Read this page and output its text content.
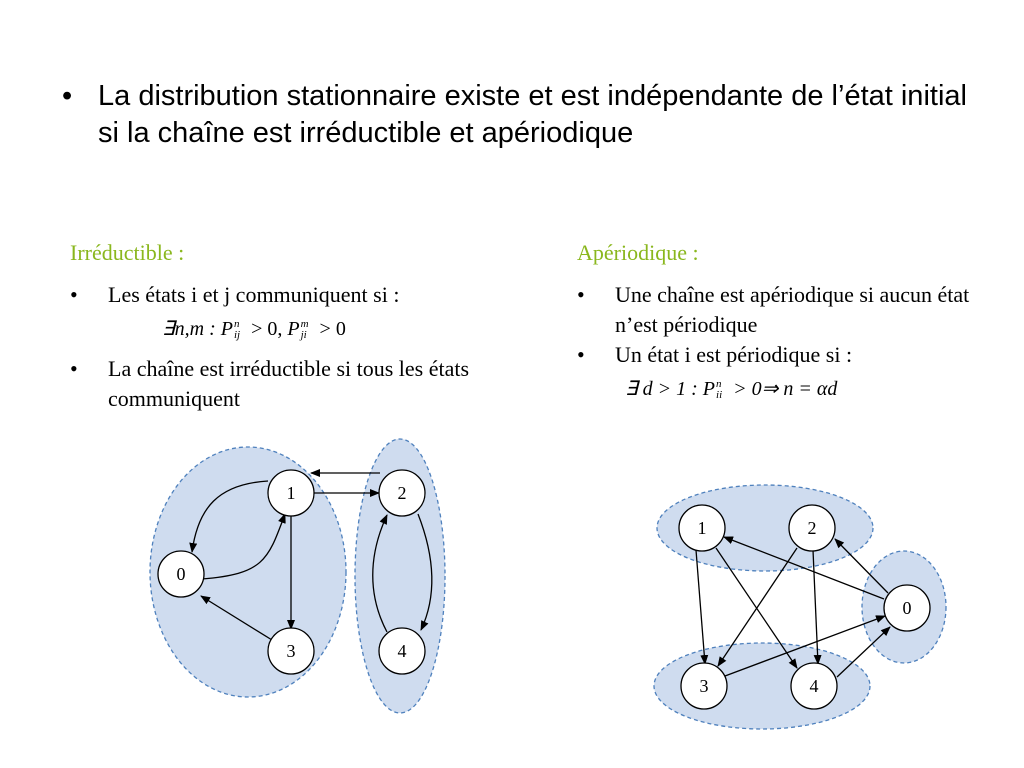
• La distribution stationnaire existe et est indépendante de l’état initial si la chaîne est irréductible et apériodique
Irréductible :
•	Les états i et j communiquent si :
∃n,m : P n
ij > 0, P m
ji > 0
•	La chaîne est irréductible si tous les états communiquent
Apériodique :
•	Une chaîne est apériodique si aucun état n’est périodique
•	Un état i est périodique si :
∃ d > 1 : P n
ii > 0⇒ n = αd
1	2
0
3	4
1	2
0
3	4
